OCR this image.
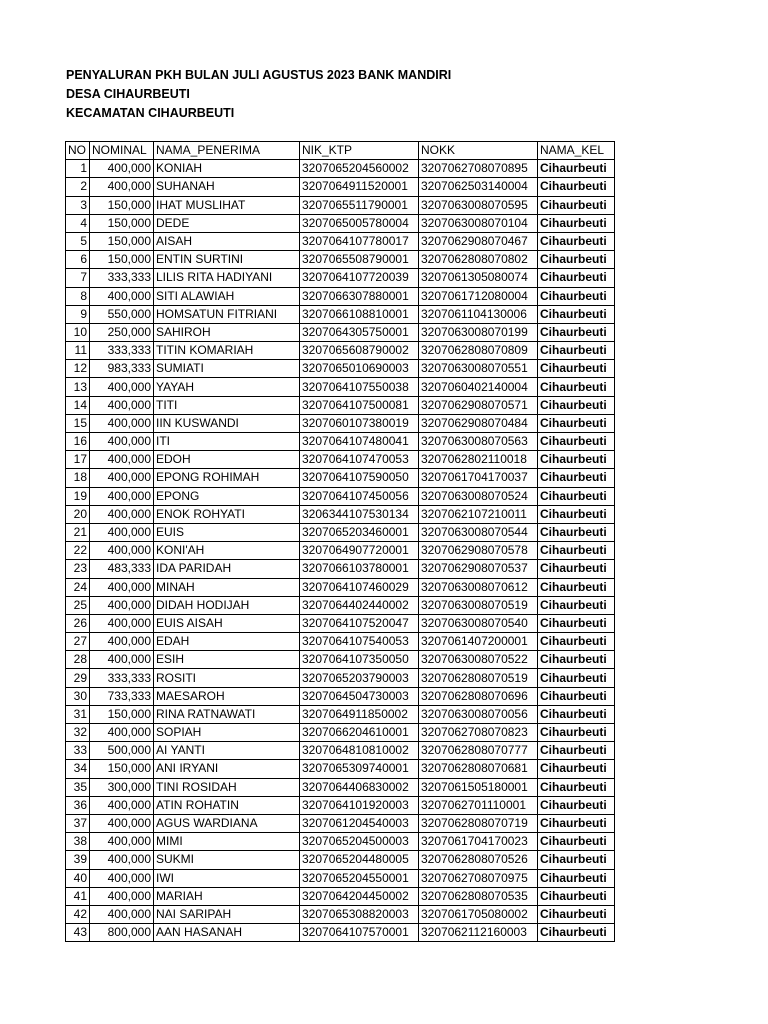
PENYALURAN PKH BULAN JULI AGUSTUS 2023 BANK MANDIRI
DESA CIHAURBEUTI
KECAMATAN CIHAURBEUTI
NO	NOMINAL	NAMA_PENERIMA	NIK_KTP	NOKK	NAMA_KEL
1	400,000	KONIAH	3207065204560002	3207062708070895	Cihaurbeuti
2	400,000	SUHANAH	3207064911520001	3207062503140004	Cihaurbeuti
3	150,000	IHAT MUSLIHAT	3207065511790001	3207063008070595	Cihaurbeuti
4	150,000	DEDE	3207065005780004	3207063008070104	Cihaurbeuti
5	150,000	AISAH	3207064107780017	3207062908070467	Cihaurbeuti
6	150,000	ENTIN SURTINI	3207065508790001	3207062808070802	Cihaurbeuti
7	333,333	LILIS RITA HADIYANI	3207064107720039	3207061305080074	Cihaurbeuti
8	400,000	SITI ALAWIAH	3207066307880001	3207061712080004	Cihaurbeuti
9	550,000	HOMSATUN FITRIANI	3207066108810001	3207061104130006	Cihaurbeuti
10	250,000	SAHIROH	3207064305750001	3207063008070199	Cihaurbeuti
11	333,333	TITIN KOMARIAH	3207065608790002	3207062808070809	Cihaurbeuti
12	983,333	SUMIATI	3207065010690003	3207063008070551	Cihaurbeuti
13	400,000	YAYAH	3207064107550038	3207060402140004	Cihaurbeuti
14	400,000	TITI	3207064107500081	3207062908070571	Cihaurbeuti
15	400,000	IIN KUSWANDI	3207060107380019	3207062908070484	Cihaurbeuti
16	400,000	ITI	3207064107480041	3207063008070563	Cihaurbeuti
17	400,000	EDOH	3207064107470053	3207062802110018	Cihaurbeuti
18	400,000	EPONG ROHIMAH	3207064107590050	3207061704170037	Cihaurbeuti
19	400,000	EPONG	3207064107450056	3207063008070524	Cihaurbeuti
20	400,000	ENOK ROHYATI	3206344107530134	3207062107210011	Cihaurbeuti
21	400,000	EUIS	3207065203460001	3207063008070544	Cihaurbeuti
22	400,000	KONI'AH	3207064907720001	3207062908070578	Cihaurbeuti
23	483,333	IDA PARIDAH	3207066103780001	3207062908070537	Cihaurbeuti
24	400,000	MINAH	3207064107460029	3207063008070612	Cihaurbeuti
25	400,000	DIDAH HODIJAH	3207064402440002	3207063008070519	Cihaurbeuti
26	400,000	EUIS AISAH	3207064107520047	3207063008070540	Cihaurbeuti
27	400,000	EDAH	3207064107540053	3207061407200001	Cihaurbeuti
28	400,000	ESIH	3207064107350050	3207063008070522	Cihaurbeuti
29	333,333	ROSITI	3207065203790003	3207062808070519	Cihaurbeuti
30	733,333	MAESAROH	3207064504730003	3207062808070696	Cihaurbeuti
31	150,000	RINA RATNAWATI	3207064911850002	3207063008070056	Cihaurbeuti
32	400,000	SOPIAH	3207066204610001	3207062708070823	Cihaurbeuti
33	500,000	AI YANTI	3207064810810002	3207062808070777	Cihaurbeuti
34	150,000	ANI IRYANI	3207065309740001	3207062808070681	Cihaurbeuti
35	300,000	TINI ROSIDAH	3207064406830002	3207061505180001	Cihaurbeuti
36	400,000	ATIN ROHATIN	3207064101920003	3207062701110001	Cihaurbeuti
37	400,000	AGUS WARDIANA	3207061204540003	3207062808070719	Cihaurbeuti
38	400,000	MIMI	3207065204500003	3207061704170023	Cihaurbeuti
39	400,000	SUKMI	3207065204480005	3207062808070526	Cihaurbeuti
40	400,000	IWI	3207065204550001	3207062708070975	Cihaurbeuti
41	400,000	MARIAH	3207064204450002	3207062808070535	Cihaurbeuti
42	400,000	NAI SARIPAH	3207065308820003	3207061705080002	Cihaurbeuti
43	800,000	AAN HASANAH	3207064107570001	3207062112160003	Cihaurbeuti
